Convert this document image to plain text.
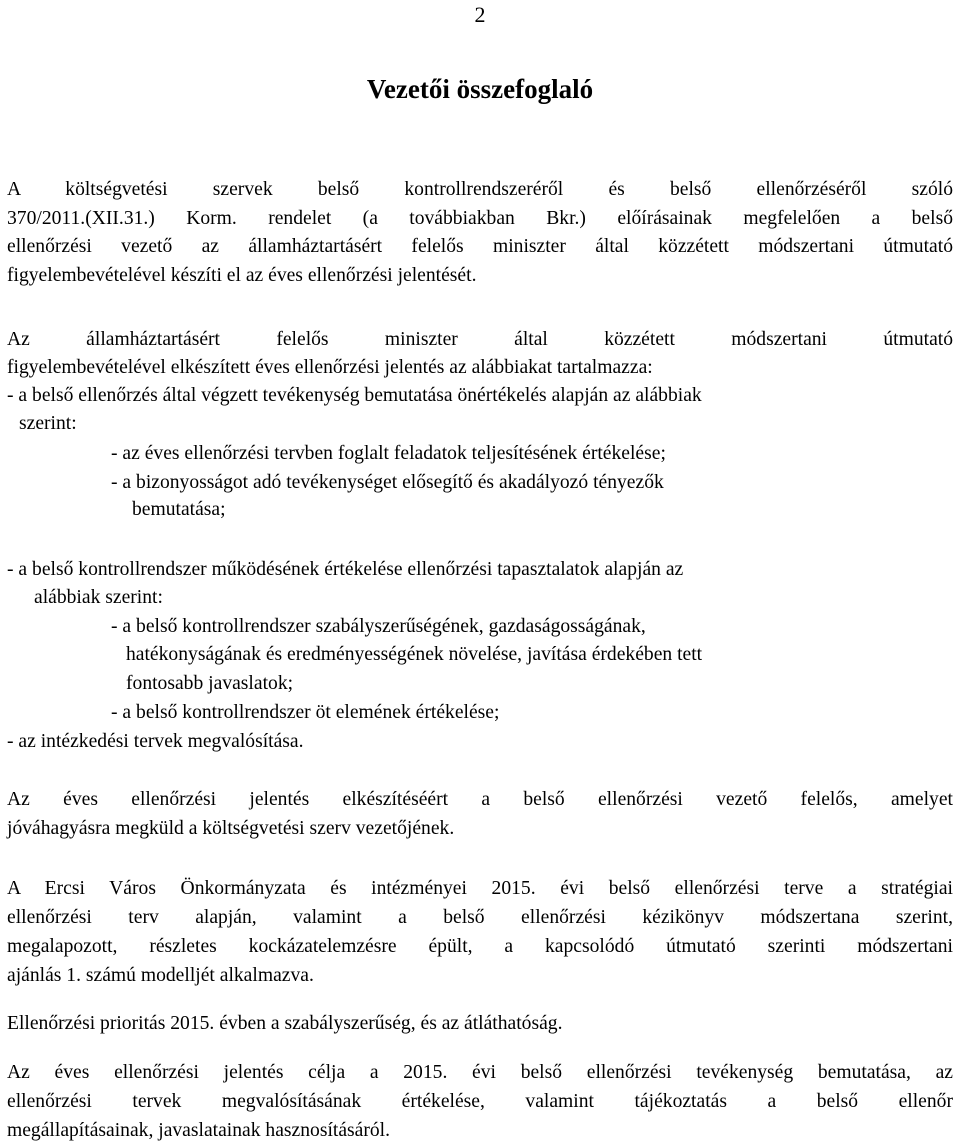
2
Vezetői összefoglaló
A költségvetési szervek belső kontrollrendszeréről és belső ellenőrzéséről szóló
370/2011.(XII.31.) Korm. rendelet (a továbbiakban Bkr.) előírásainak megfelelően a belső
ellenőrzési vezető az államháztartásért felelős miniszter által közzétett módszertani útmutató
figyelembevételével készíti el az éves ellenőrzési jelentését.
Az államháztartásért felelős miniszter által közzétett módszertani útmutató
figyelembevételével elkészített éves ellenőrzési jelentés az alábbiakat tartalmazza:
- a belső ellenőrzés által végzett tevékenység bemutatása önértékelés alapján az alábbiak
szerint:
- az éves ellenőrzési tervben foglalt feladatok teljesítésének értékelése;
- a bizonyosságot adó tevékenységet elősegítő és akadályozó tényezők
bemutatása;
- a belső kontrollrendszer működésének értékelése ellenőrzési tapasztalatok alapján az
alábbiak szerint:
- a belső kontrollrendszer szabályszerűségének, gazdaságosságának,
hatékonyságának és eredményességének növelése, javítása érdekében tett
fontosabb javaslatok;
- a belső kontrollrendszer öt elemének értékelése;
- az intézkedési tervek megvalósítása.
Az éves ellenőrzési jelentés elkészítéséért a belső ellenőrzési vezető felelős, amelyet
jóváhagyásra megküld a költségvetési szerv vezetőjének.
A Ercsi Város Önkormányzata és intézményei 2015. évi belső ellenőrzési terve a stratégiai
ellenőrzési terv alapján, valamint a belső ellenőrzési kézikönyv módszertana szerint,
megalapozott, részletes kockázatelemzésre épült, a kapcsolódó útmutató szerinti módszertani
ajánlás 1. számú modelljét alkalmazva.
Ellenőrzési prioritás 2015. évben a szabályszerűség, és az átláthatóság.
Az éves ellenőrzési jelentés célja a 2015. évi belső ellenőrzési tevékenység bemutatása, az
ellenőrzési tervek megvalósításának értékelése, valamint tájékoztatás a belső ellenőr
megállapításainak, javaslatainak hasznosításáról.
